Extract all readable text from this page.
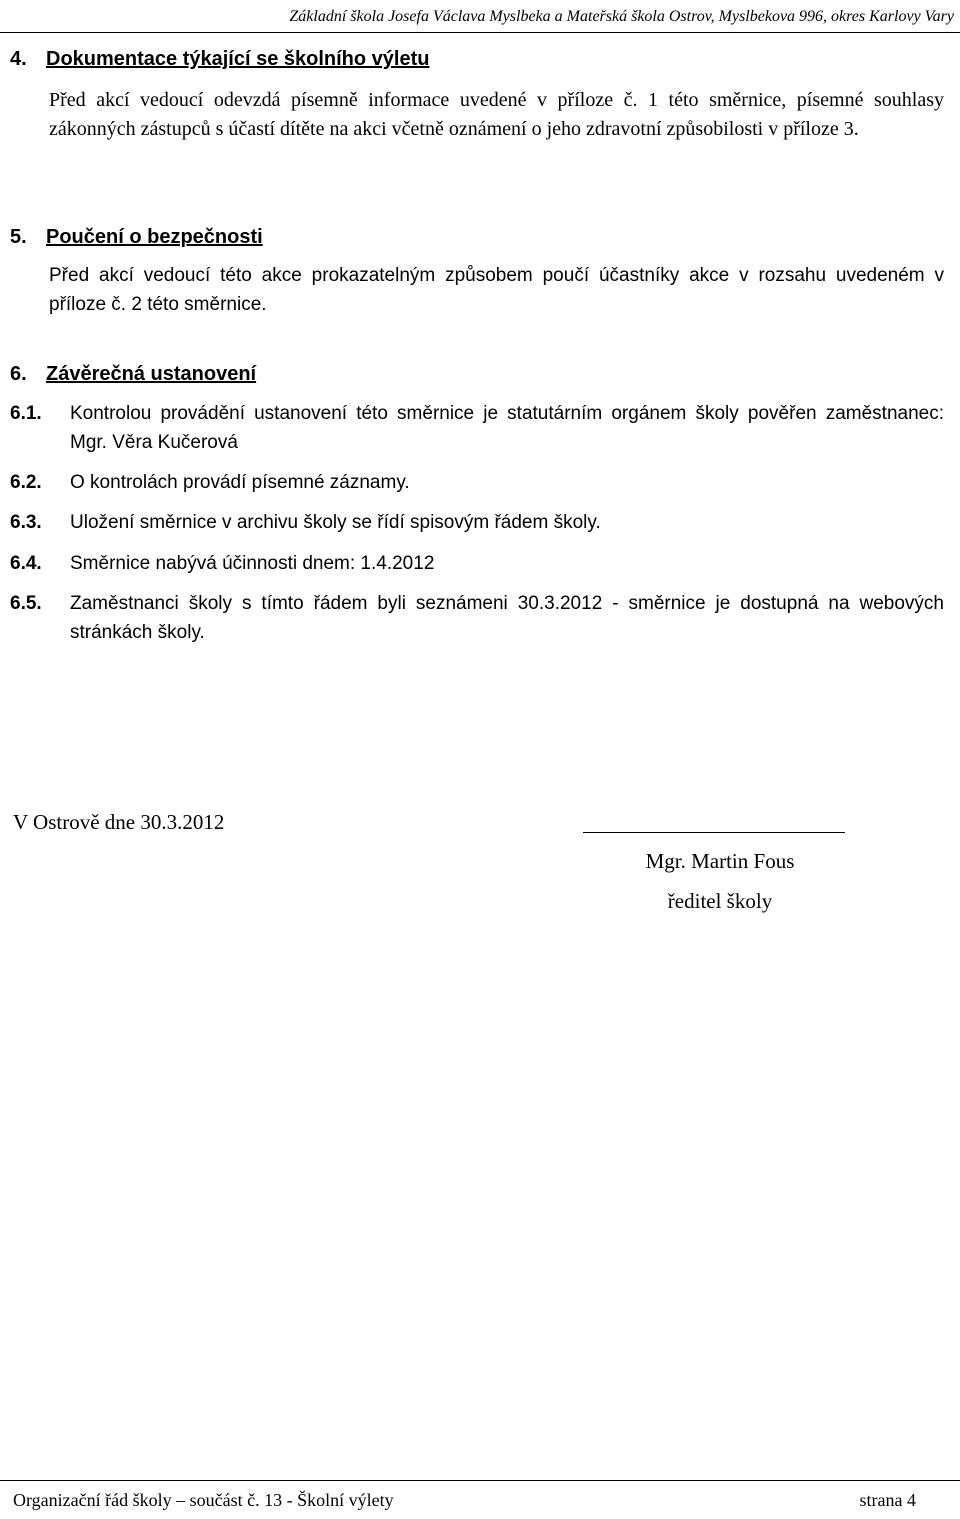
Základní škola Josefa Václava Myslbeka a Mateřská škola Ostrov, Myslbekova 996, okres Karlovy Vary
4. Dokumentace týkající se školního výletu
Před akcí vedoucí odevzdá písemně informace uvedené v příloze č. 1 této směrnice, písemné souhlasy zákonných zástupců s účastí dítěte na akci včetně oznámení o jeho zdravotní způsobilosti v příloze 3.
5. Poučení o bezpečnosti
Před akcí vedoucí této akce prokazatelným způsobem poučí účastníky akce v rozsahu uvedeném v příloze č. 2 této směrnice.
6. Závěrečná ustanovení
6.1. Kontrolou provádění ustanovení této směrnice je statutárním orgánem školy pověřen zaměstnanec: Mgr. Věra Kučerová
6.2. O kontrolách provádí písemné záznamy.
6.3. Uložení směrnice v archivu školy se řídí spisovým řádem školy.
6.4. Směrnice nabývá účinnosti dnem: 1.4.2012
6.5. Zaměstnanci školy s tímto řádem byli seznámeni 30.3.2012 - směrnice je dostupná na webových stránkách školy.
V Ostrově dne 30.3.2012
Mgr. Martin Fous
ředitel školy
Organizační řád školy – součást č. 13 - Školní výlety	strana 4
